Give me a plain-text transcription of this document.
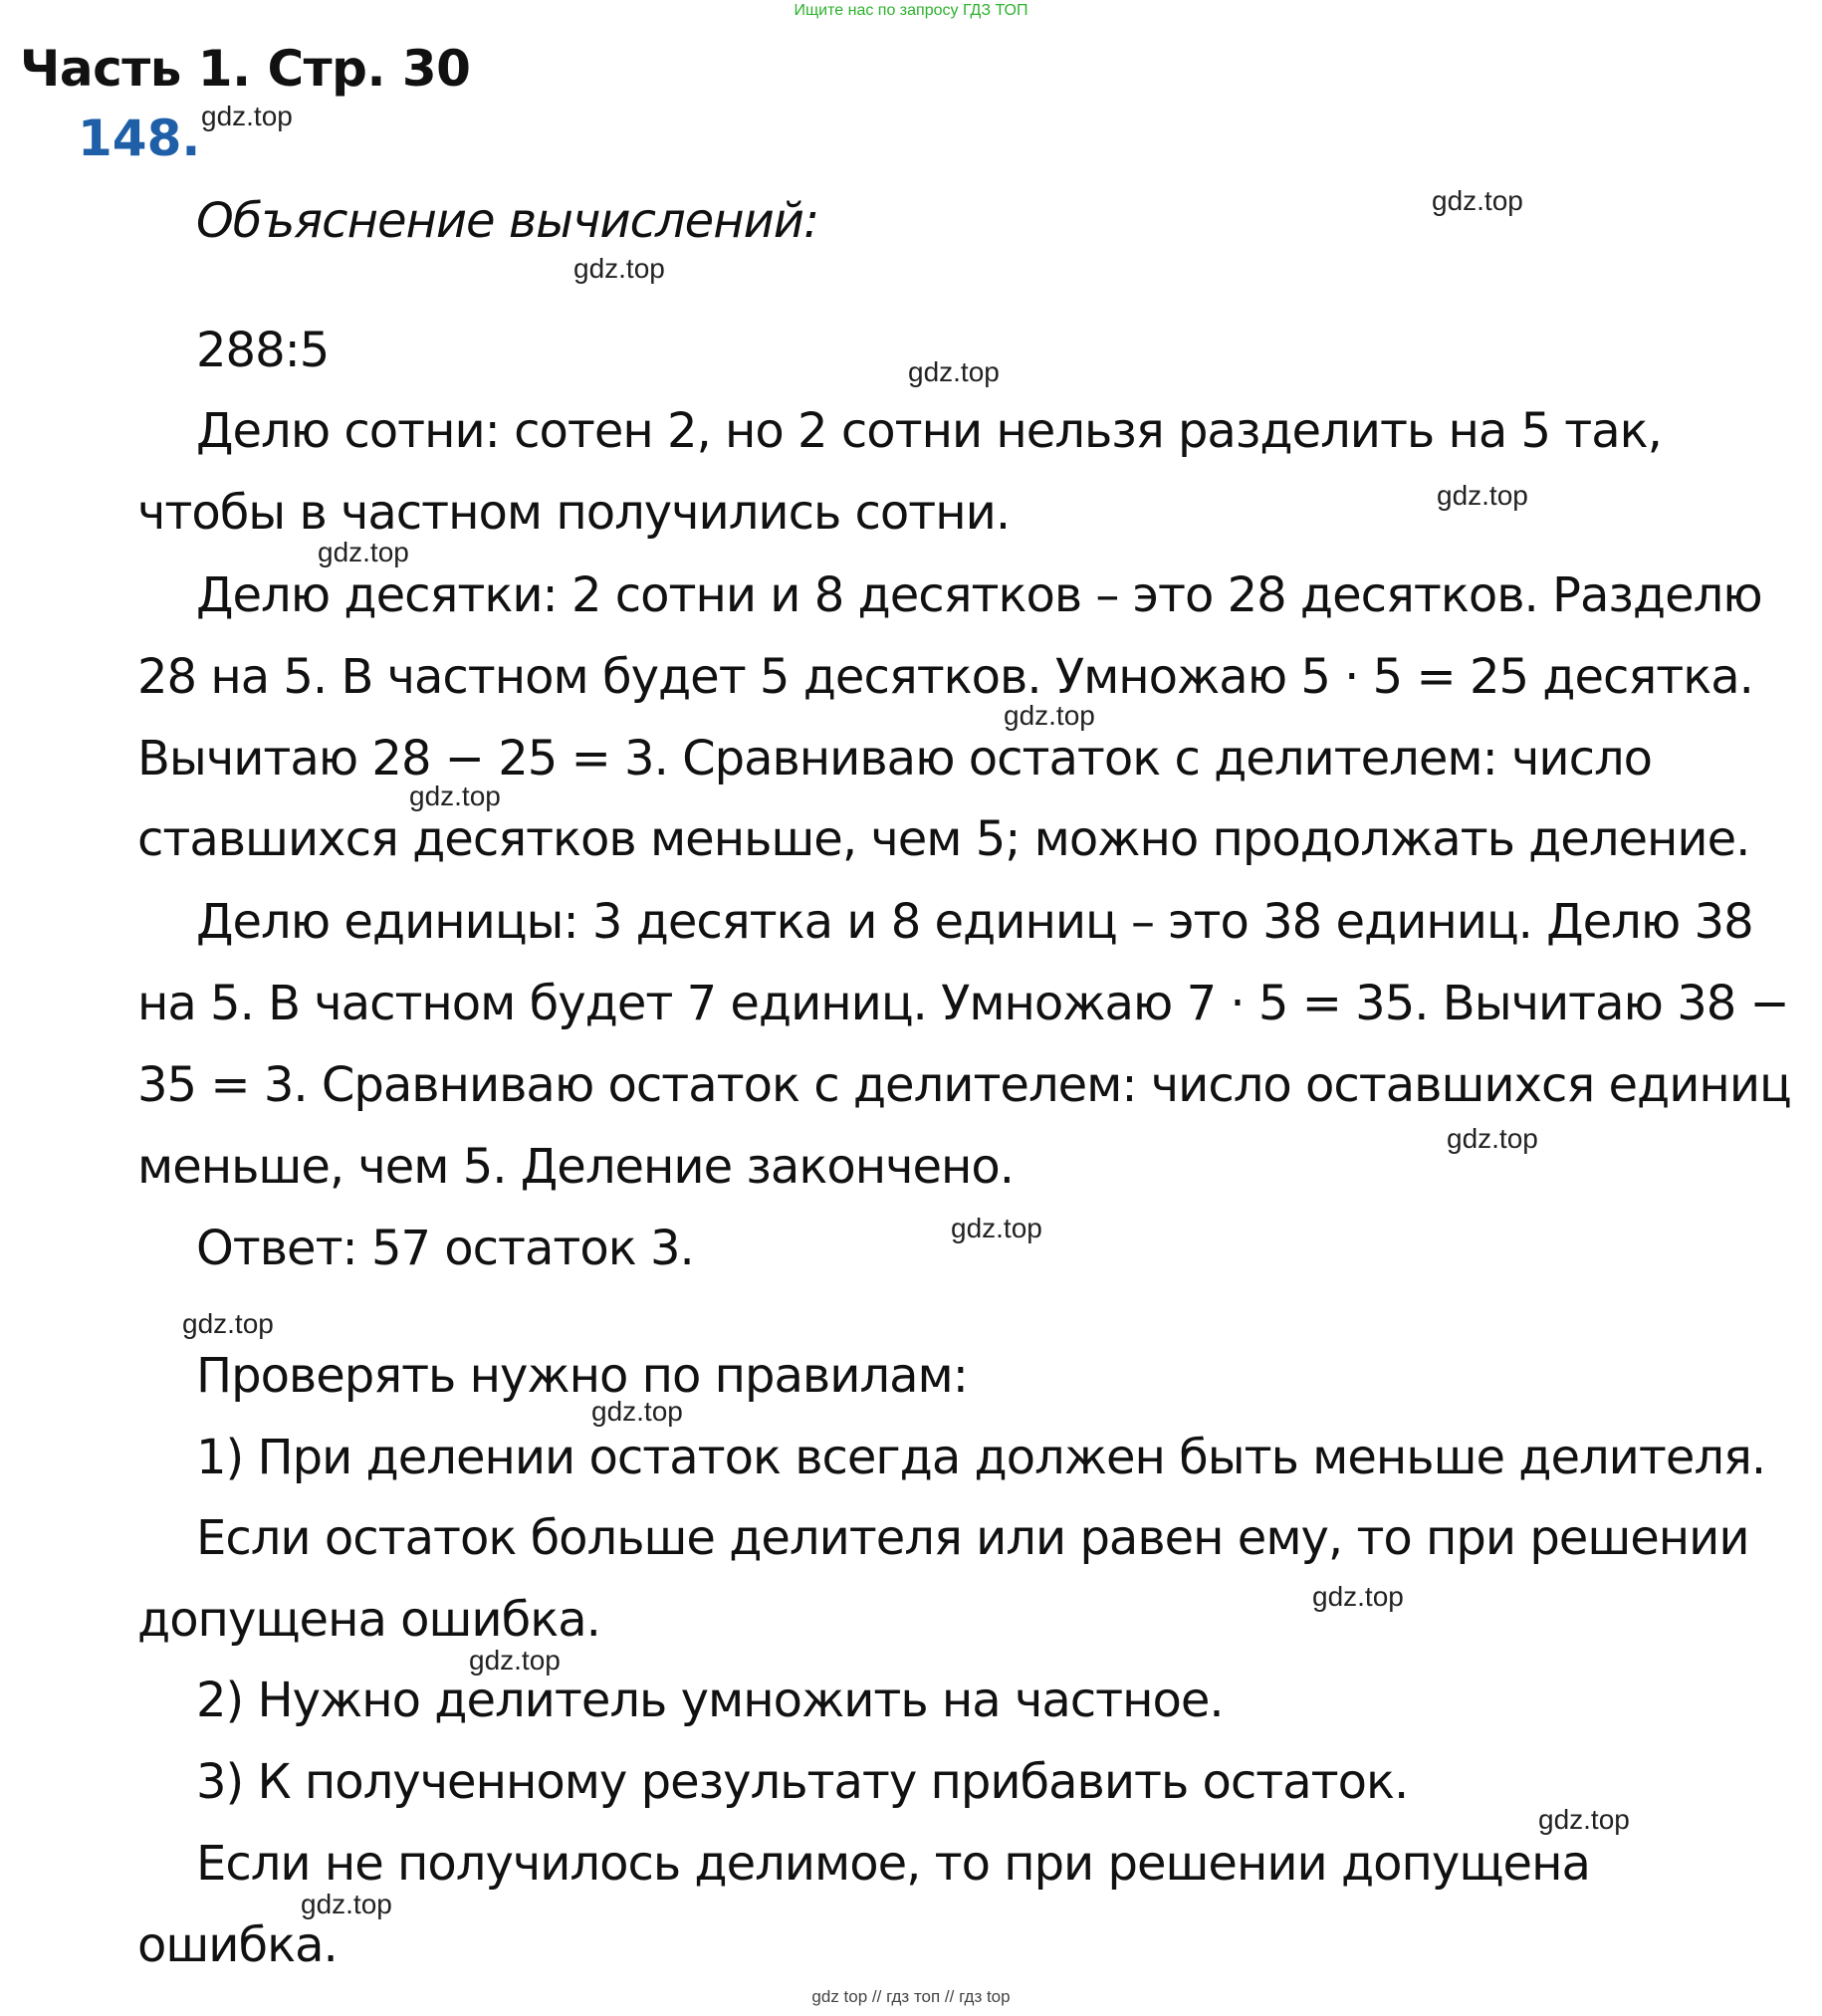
Ищите нас по запросу ГДЗ ТОП
Часть 1. Стр. 30
148.
Объяснение вычислений:
288:5
Делю сотни: сотен 2, но 2 сотни нельзя разделить на 5 так,
чтобы в частном получились сотни.
Делю десятки: 2 сотни и 8 десятков – это 28 десятков. Разделю
28 на 5. В частном будет 5 десятков. Умножаю 5 · 5 = 25 десятка.
Вычитаю 28 − 25 = 3. Сравниваю остаток с делителем: число
ставшихся десятков меньше, чем 5; можно продолжать деление.
Делю единицы: 3 десятка и 8 единиц – это 38 единиц. Делю 38
на 5. В частном будет 7 единиц. Умножаю 7 · 5 = 35. Вычитаю 38 −
35 = 3. Сравниваю остаток с делителем: число оставшихся единиц
меньше, чем 5. Деление закончено.
Ответ: 57 остаток 3.
Проверять нужно по правилам:
1) При делении остаток всегда должен быть меньше делителя.
Если остаток больше делителя или равен ему, то при решении
допущена ошибка.
2) Нужно делитель умножить на частное.
3) К полученному результату прибавить остаток.
Если не получилось делимое, то при решении допущена
ошибка.
gdz.top
gdz.top
gdz.top
gdz.top
gdz.top
gdz.top
gdz.top
gdz.top
gdz.top
gdz.top
gdz.top
gdz.top
gdz.top
gdz.top
gdz.top
gdz.top
gdz top // гдз топ // гдз top
